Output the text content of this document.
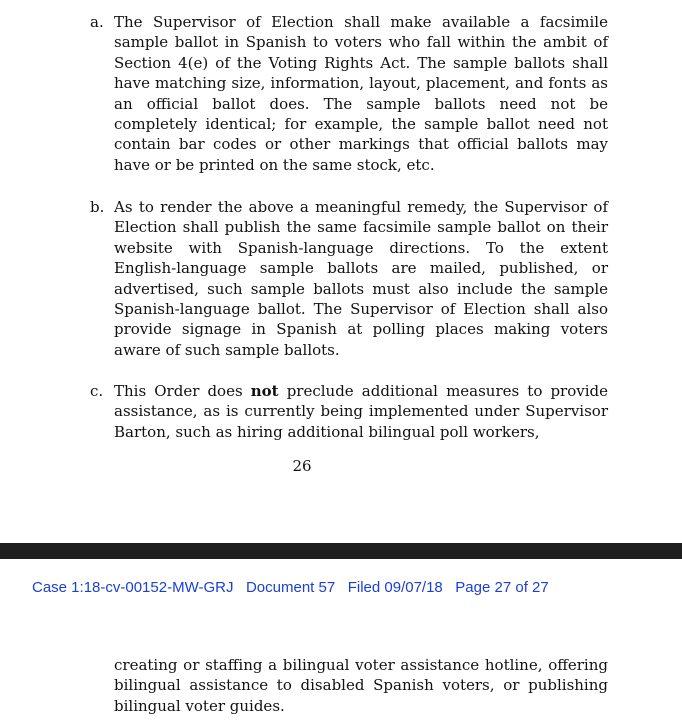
a. The Supervisor of Election shall make available a facsimile sample ballot in Spanish to voters who fall within the ambit of Section 4(e) of the Voting Rights Act. The sample ballots shall have matching size, information, layout, placement, and fonts as an official ballot does. The sample ballots need not be completely identical; for example, the sample ballot need not contain bar codes or other markings that official ballots may have or be printed on the same stock, etc.

b. As to render the above a meaningful remedy, the Supervisor of Election shall publish the same facsimile sample ballot on their website with Spanish-language directions. To the extent English-language sample ballots are mailed, published, or advertised, such sample ballots must also include the sample Spanish-language ballot. The Supervisor of Election shall also provide signage in Spanish at polling places making voters aware of such sample ballots.

c. This Order does not preclude additional measures to provide assistance, as is currently being implemented under Supervisor Barton, such as hiring additional bilingual poll workers,

26
Case 1:18-cv-00152-MW-GRJ Document 57 Filed 09/07/18 Page 27 of 27

creating or staffing a bilingual voter assistance hotline, offering bilingual assistance to disabled Spanish voters, or publishing bilingual voter guides.
